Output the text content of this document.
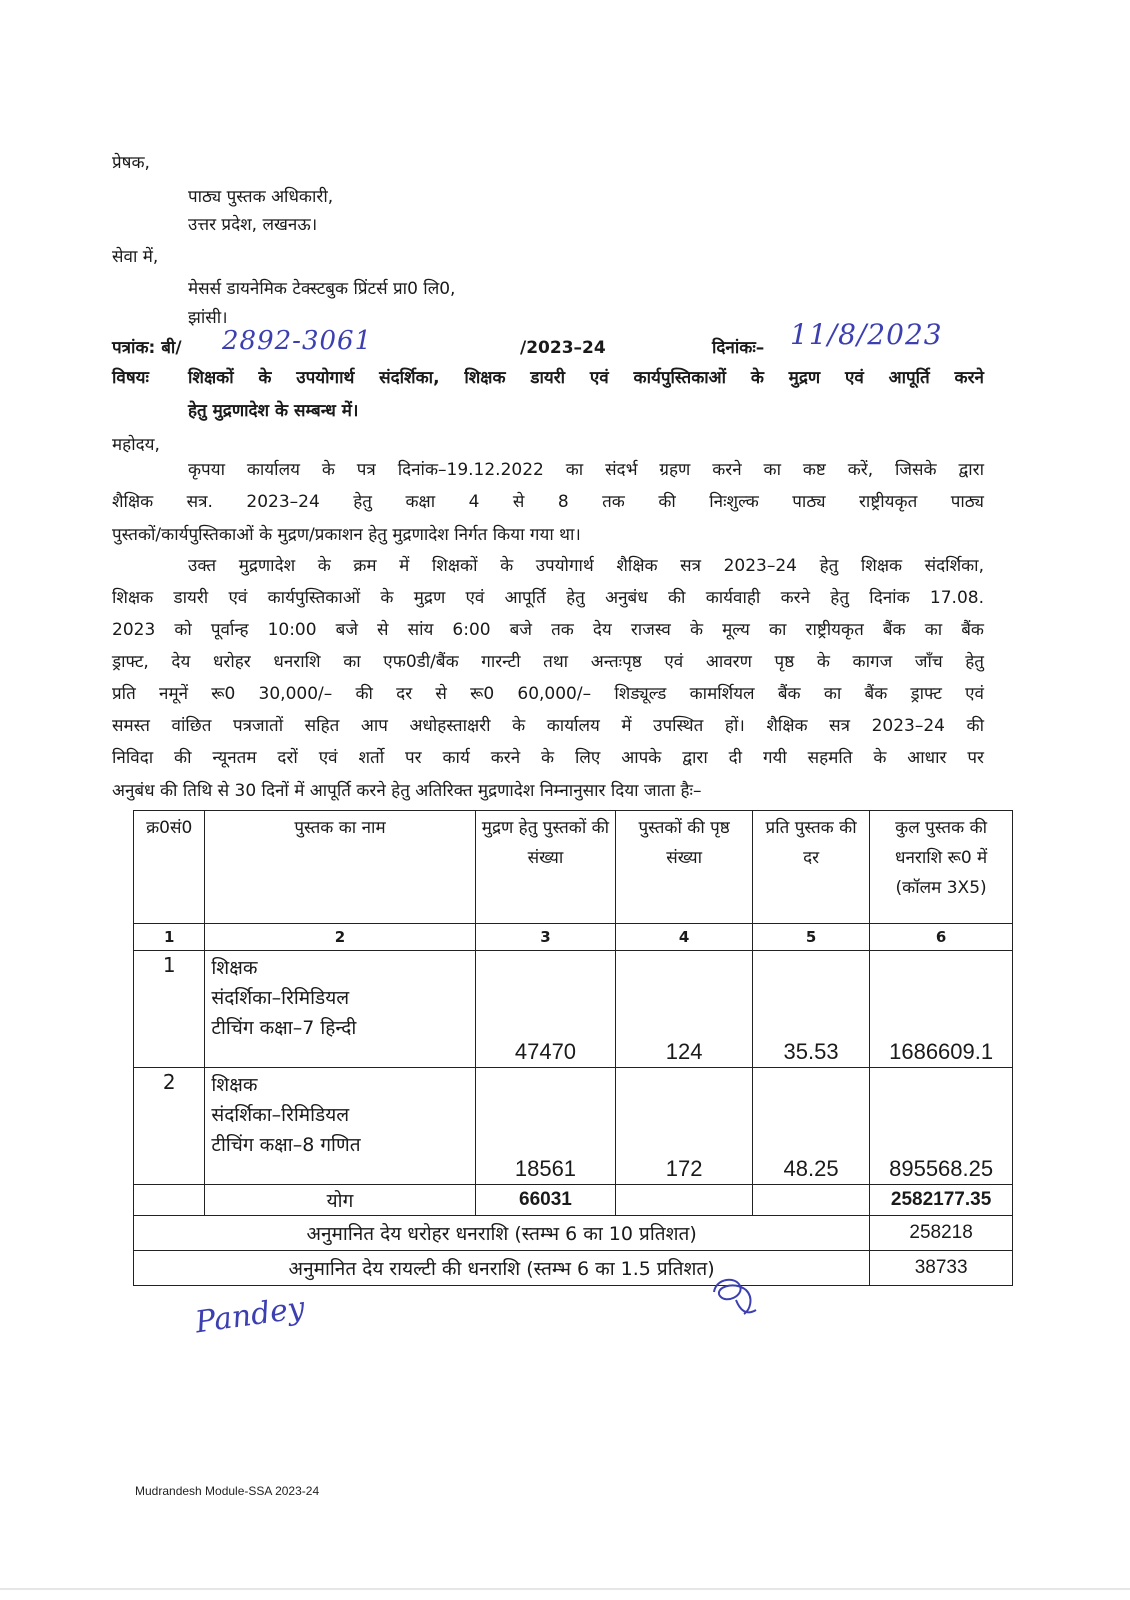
प्रेषक,
पाठ्य पुस्तक अधिकारी,
उत्तर प्रदेश, लखनऊ।
सेवा में,
मेसर्स डायनेमिक टेक्स्टबुक प्रिंटर्स प्रा0 लि0,
झांसी।
पत्रांक: बी/ 2892-3061	/2023–24	दिनांकः– 11/8/2023
विषयः शिक्षकों के उपयोगार्थ संदर्शिका, शिक्षक डायरी एवं कार्यपुस्तिकाओं के मुद्रण एवं आपूर्ति करने
हेतु मुद्रणादेश के सम्बन्ध में।
महोदय,
कृपया कार्यालय के पत्र दिनांक–19.12.2022 का संदर्भ ग्रहण करने का कष्ट करें, जिसके द्वारा
शैक्षिक सत्र. 2023–24 हेतु कक्षा 4 से 8 तक की निःशुल्क पाठ्य राष्ट्रीयकृत पाठ्य
पुस्तकों/कार्यपुस्तिकाओं के मुद्रण/प्रकाशन हेतु मुद्रणादेश निर्गत किया गया था।
उक्त मुद्रणादेश के क्रम में शिक्षकों के उपयोगार्थ शैक्षिक सत्र 2023–24 हेतु शिक्षक संदर्शिका,
शिक्षक डायरी एवं कार्यपुस्तिकाओं के मुद्रण एवं आपूर्ति हेतु अनुबंध की कार्यवाही करने हेतु दिनांक 17.08.
2023 को पूर्वान्ह 10:00 बजे से सांय 6:00 बजे तक देय राजस्व के मूल्य का राष्ट्रीयकृत बैंक का बैंक
ड्राफ्ट, देय धरोहर धनराशि का एफ0डी/बैंक गारन्टी तथा अन्तःपृष्ठ एवं आवरण पृष्ठ के कागज जाँच हेतु
प्रति नमूनें रू0 30,000/– की दर से रू0 60,000/– शिड्यूल्ड कामर्शियल बैंक का बैंक ड्राफ्ट एवं
समस्त वांछित पत्रजातों सहित आप अधोहस्ताक्षरी के कार्यालय में उपस्थित हों। शैक्षिक सत्र 2023–24 की
निविदा की न्यूनतम दरों एवं शर्तो पर कार्य करने के लिए आपके द्वारा दी गयी सहमति के आधार पर
अनुबंध की तिथि से 30 दिनों में आपूर्ति करने हेतु अतिरिक्त मुद्रणादेश निम्नानुसार दिया जाता हैः–
क्र0सं0	पुस्तक का नाम	मुद्रण हेतु पुस्तकों की संख्या	पुस्तकों की पृष्ठ संख्या	प्रति पुस्तक की दर	कुल पुस्तक की धनराशि रू0 में (कॉलम 3X5)
1	2	3	4	5	6
1	शिक्षक
संदर्शिका–रिमिडियल
टीचिंग कक्षा–7 हिन्दी	47470	124	35.53	1686609.1
2	शिक्षक
संदर्शिका–रिमिडियल
टीचिंग कक्षा–8 गणित	18561	172	48.25	895568.25
	योग	66031			2582177.35
अनुमानित देय धरोहर धनराशि (स्तम्भ 6 का 10 प्रतिशत)					258218
अनुमानित देय रायल्टी की धनराशि (स्तम्भ 6 का 1.5 प्रतिशत)					38733
Pandey
Mudrandesh Module-SSA 2023-24
